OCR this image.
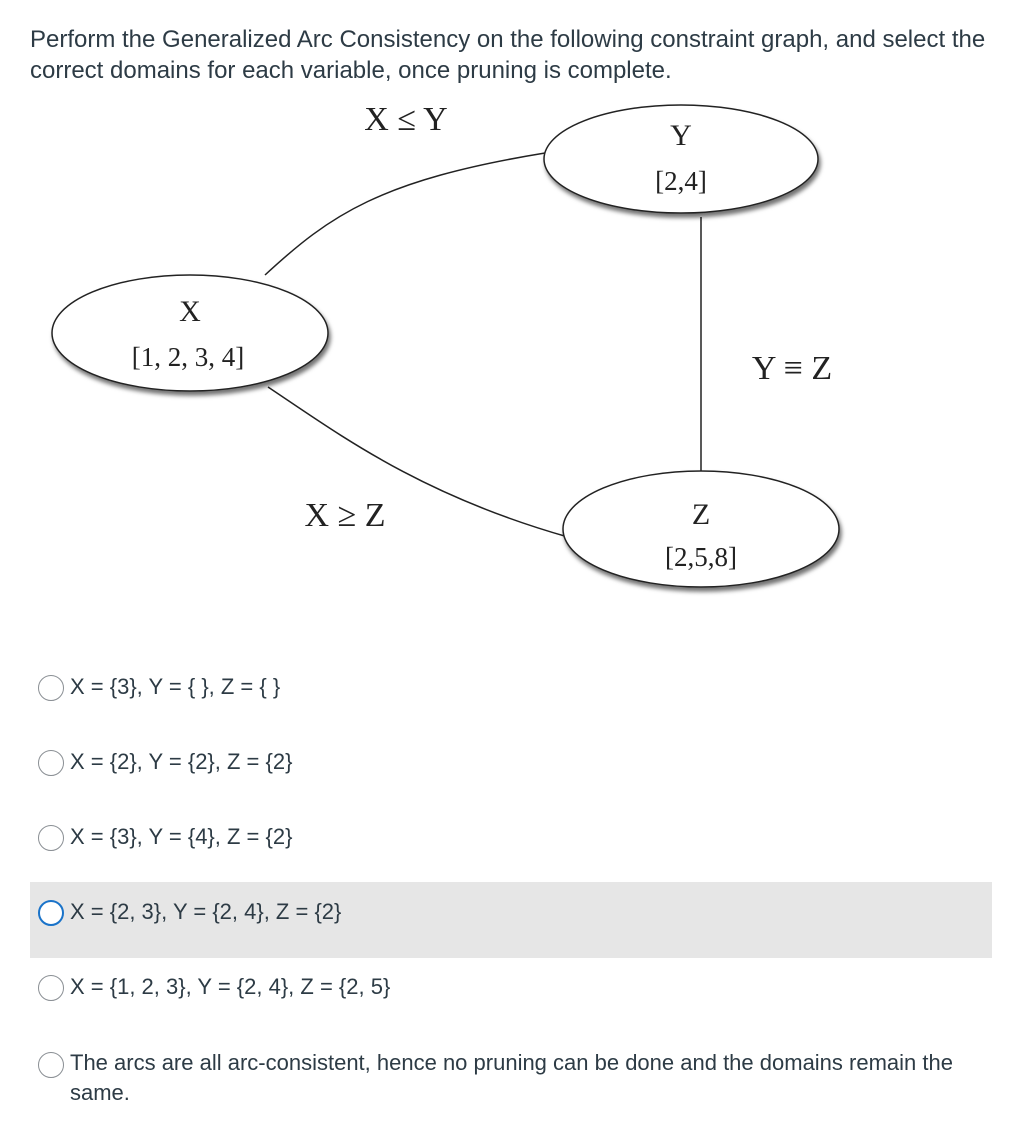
Perform the Generalized Arc Consistency on the following constraint graph, and select the correct domains for each variable, once pruning is complete.

Y
[2,4]
X
[1, 2, 3, 4]
Z
[2,5,8]
X ≤ Y
Y ≡ Z
X ≥ Z
X = {3}, Y = { }, Z = { }
X = {2}, Y = {2}, Z = {2}
X = {3}, Y = {4}, Z = {2}
X = {2, 3}, Y = {2, 4}, Z = {2}
X = {1, 2, 3}, Y = {2, 4}, Z = {2, 5}
The arcs are all arc-consistent, hence no pruning can be done and the domains remain the same.
